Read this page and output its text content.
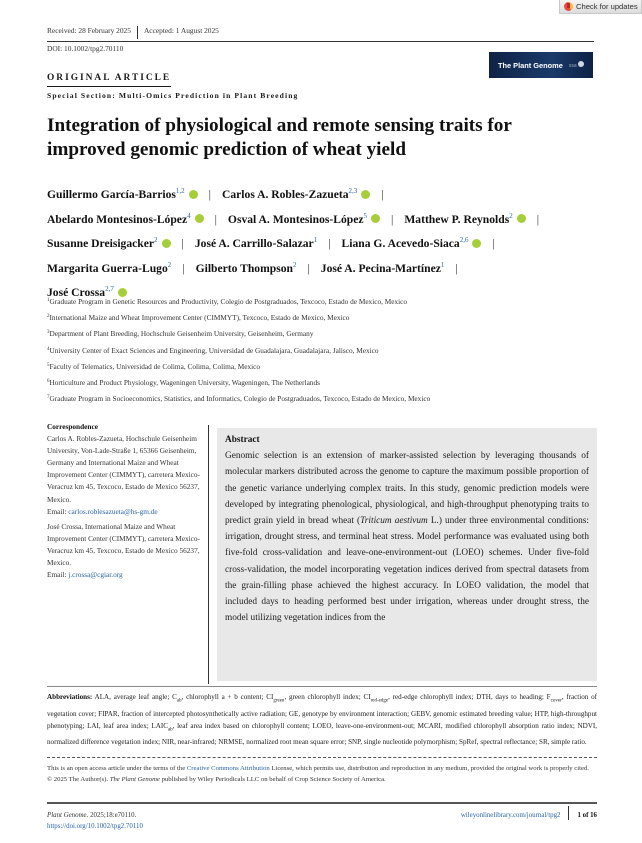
Check for updates
Received: 28 February 2025	Accepted: 1 August 2025
DOI: 10.1002/tpg2.70110
The Plant Genome ssa
ORIGINAL ARTICLE
Special Section: Multi-Omics Prediction in Plant Breeding
Integration of physiological and remote sensing traits for
improved genomic prediction of wheat yield
Guillermo García-Barrios$^{1,2}$ iD | Carlos A. Robles-Zazueta$^{2,3}$ iD |
Abelardo Montesinos-López$^4$ iD | Osval A. Montesinos-López$^5$ iD | Matthew P. Reynolds$^2$ iD |
Susanne Dreisigacker$^2$ iD | José A. Carrillo-Salazar$^1$ | Liana G. Acevedo-Siaca$^{2,6}$ iD |
Margarita Guerra-Lugo$^2$ | Gilberto Thompson$^2$ | José A. Pecina-Martínez$^1$ |
José Crossa$^{2,7}$iD
$^1$Graduate Program in Genetic Resources and Productivity, Colegio de Postgraduados, Texcoco, Estado de Mexico, Mexico
$^2$International Maize and Wheat Improvement Center (CIMMYT), Texcoco, Estado de Mexico, Mexico
$^3$Department of Plant Breeding, Hochschule Geisenheim University, Geisenheim, Germany
$^4$University Center of Exact Sciences and Engineering, Universidad de Guadalajara, Guadalajara, Jalisco, Mexico
$^5$Faculty of Telematics, Universidad de Colima, Colima, Colima, Mexico
$^6$Horticulture and Product Physiology, Wageningen University, Wageningen, The Netherlands
$^7$Graduate Program in Socioeconomics, Statistics, and Informatics, Colegio de Postgraduados, Texcoco, Estado de Mexico, Mexico
Correspondence

Carlos A. Robles-Zazueta, Hochschule Geisenheim University, Von-Lade-Straße 1, 65366 Geisenheim, Germany and International Maize and Wheat Improvement Center (CIMMYT), carretera Mexico-Veracruz km 45, Texcoco, Estado de Mexico 56237, Mexico.
Email: carlos.roblesazueta@hs-gm.de

José Crossa, International Maize and Wheat Improvement Center (CIMMYT), carretera Mexico-Veracruz km 45, Texcoco, Estado de Mexico 56237, Mexico.
Email: j.crossa@cgiar.org

Abstract
Genomic selection is an extension of marker-assisted selection by leveraging thousands of molecular markers distributed across the genome to capture the maximum possible proportion of the genetic variance underlying complex traits. In this study, genomic prediction models were developed by integrating phenological, physiological, and high-throughput phenotyping traits to predict grain yield in bread wheat (Triticum aestivum L.) under three environmental conditions: irrigation, drought stress, and terminal heat stress. Model performance was evaluated using both five-fold cross-validation and leave-one-environment-out (LOEO) schemes. Under five-fold cross-validation, the model incorporating vegetation indices derived from spectral datasets from the grain-filling phase achieved the highest accuracy. In LOEO validation, the model that included days to heading performed best under irrigation, whereas under drought stress, the model utilizing vegetation indices from the
Abbreviations: ALA, average leaf angle; $C_{ab}$, chlorophyll a + b content; $CI_{green}$, green chlorophyll index; $CI_{red-edge}$, red-edge chlorophyll index; DTH, days to heading; $F_{cover}$, fraction of vegetation cover; FIPAR, fraction of intercepted photosynthetically active radiation; GE, genotype by environment interaction; GEBV, genomic estimated breeding value; HTP, high-throughput phenotyping; LAI, leaf area index; $LAIC_{ab}$, leaf area index based on chlorophyll content; LOEO, leave-one-environment-out; MCARI, modified chlorophyll absorption ratio index; NDVI, normalized difference vegetation index; NIR, near-infrared; NRMSE, normalized root mean square error; SNP, single nucleotide polymorphism; SpRef, spectral reflectance; SR, simple ratio.
This is an open access article under the terms of the Creative Commons Attribution License, which permits use, distribution and reproduction in any medium, provided the original work is properly cited.
© 2025 The Author(s). The Plant Genome published by Wiley Periodicals LLC on behalf of Crop Science Society of America.
Plant Genome. 2025;18:e70110.
https://doi.org/10.1002/tpg2.70110
wileyonlinelibrary.com/journal/tpg2	1 of 16
